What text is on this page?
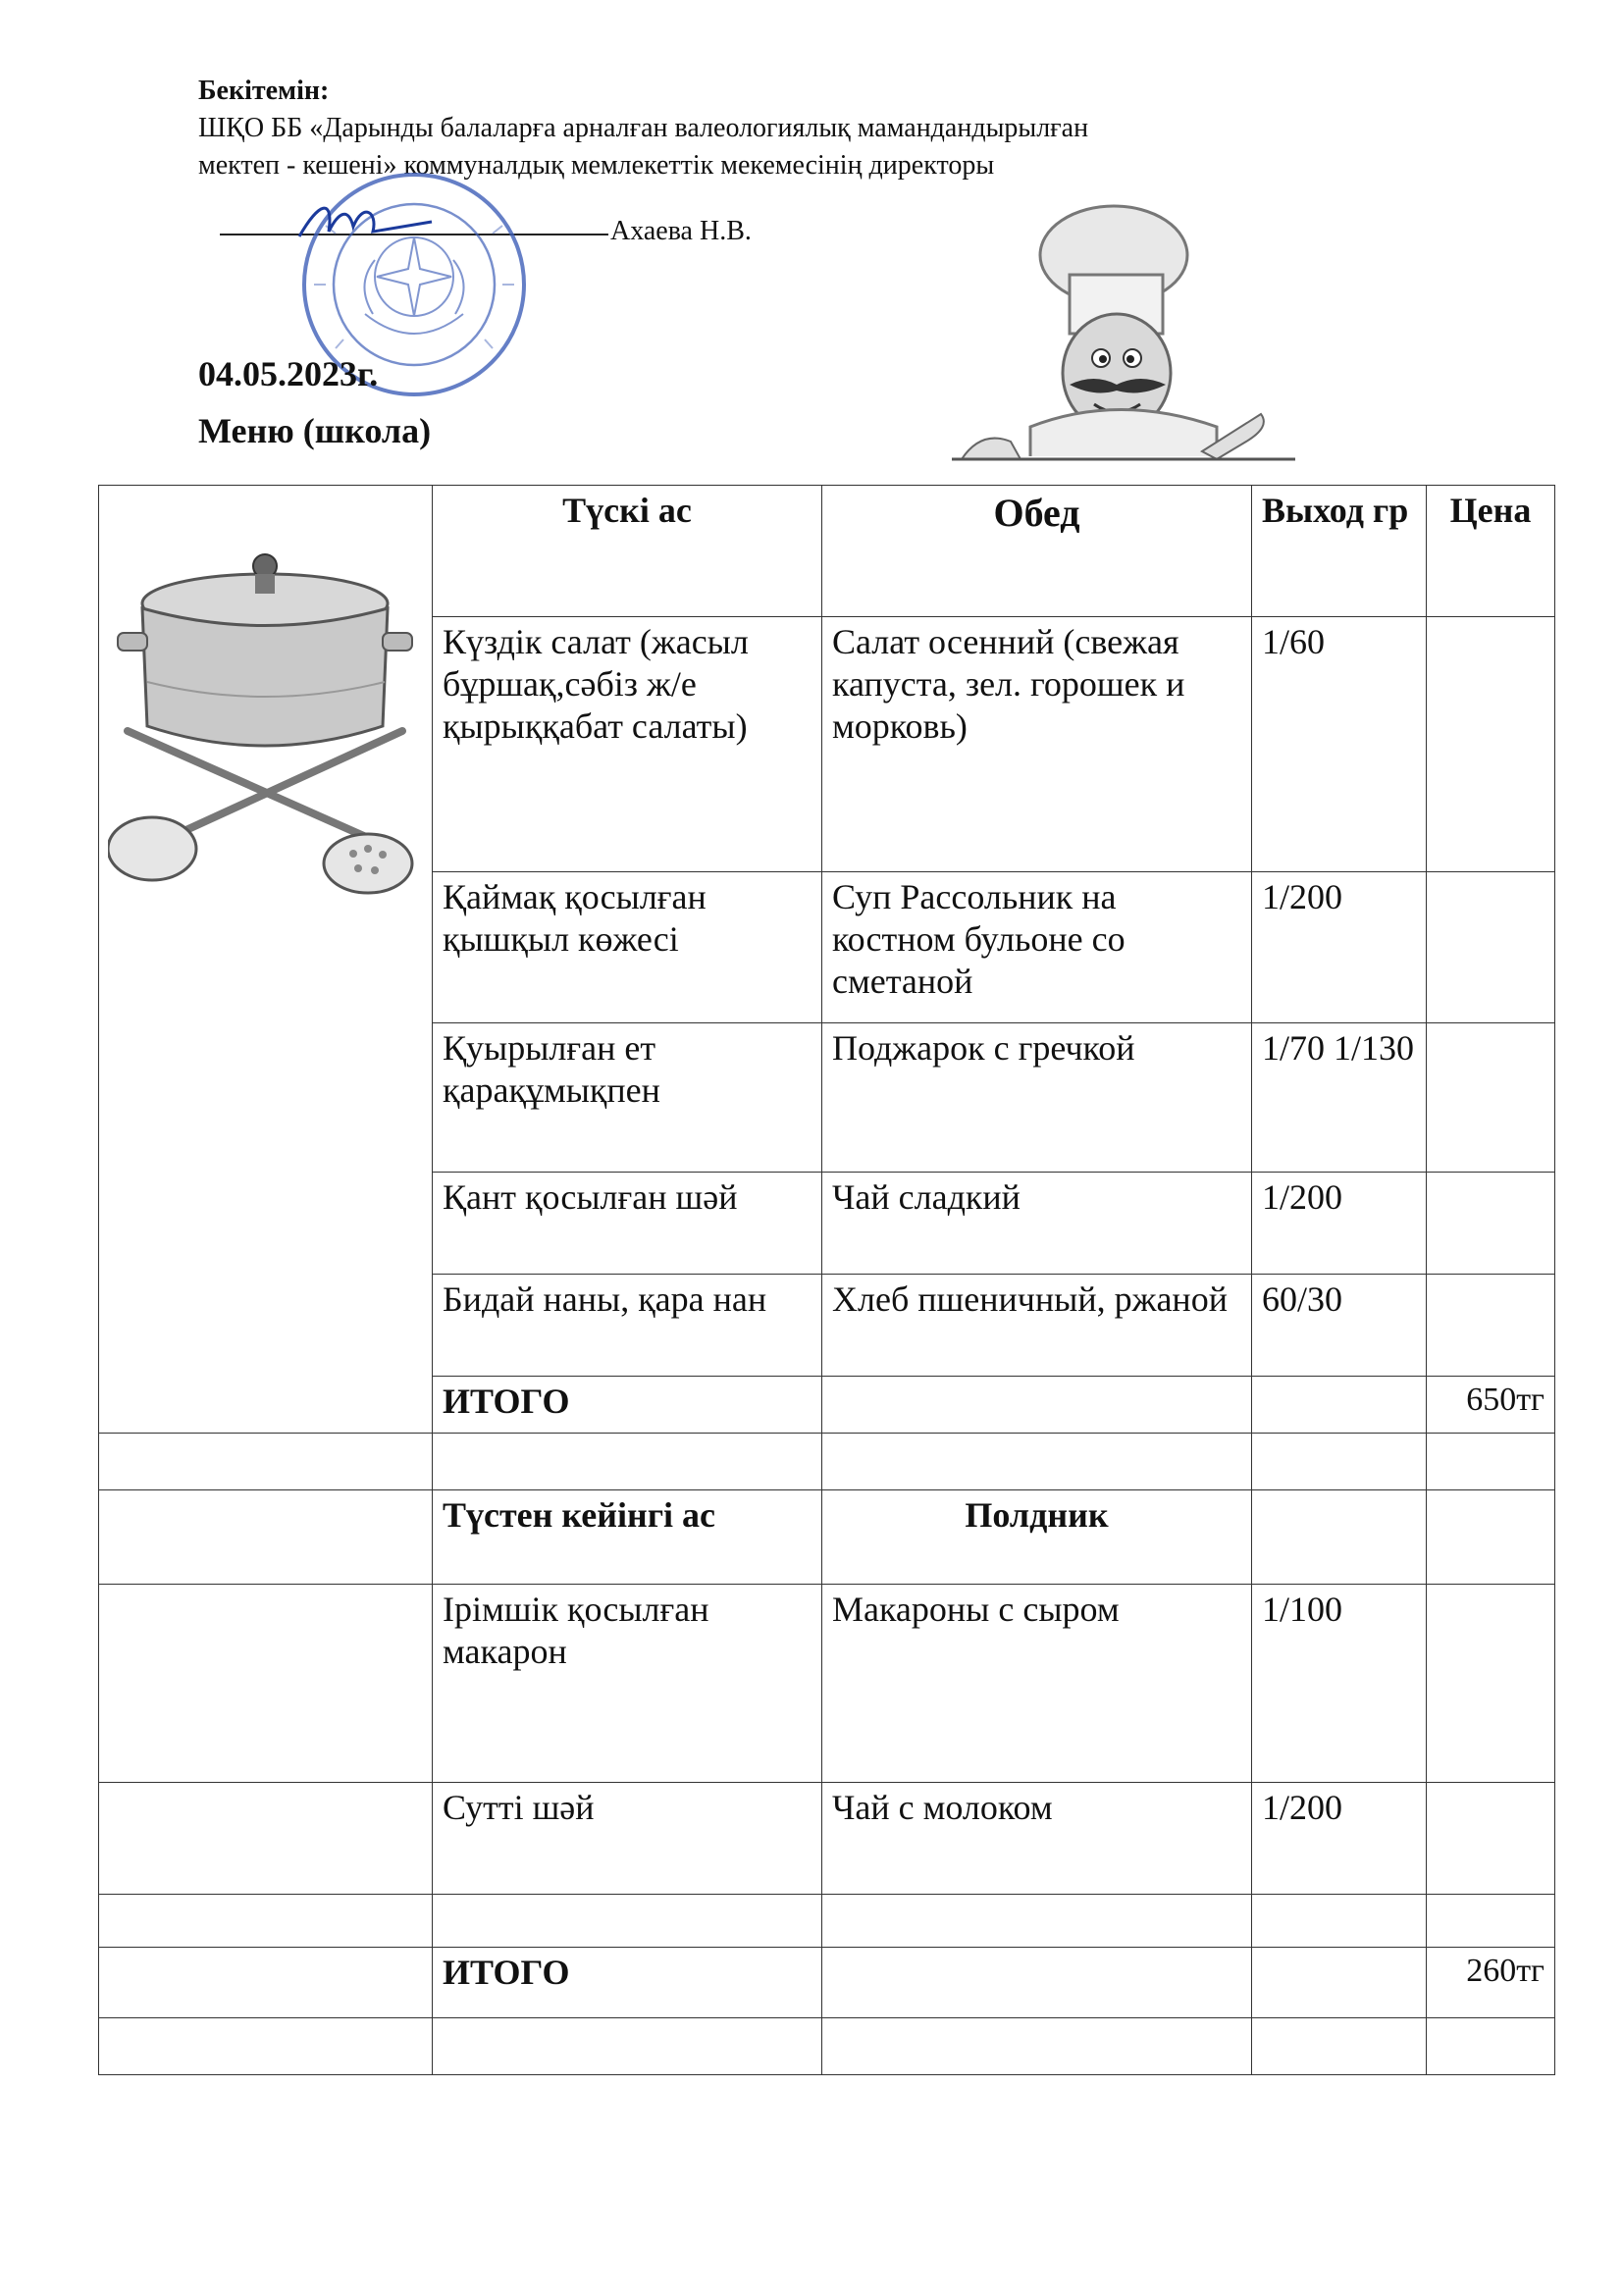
Бекітемін:
ШҚО ББ «Дарынды балаларға арналған валеологиялық мамандандырылған
мектеп - кешені» коммуналдық мемлекеттік мекемесінің директоры
Ахаева Н.В.
04.05.2023г.
Меню (школа)
	Түскі ас	Обед	Выход гр	Цена
	Күздік салат (жасыл бұршақ,сәбіз ж/е қырыққабат салаты)	Салат осенний (свежая капуста, зел. горошек и морковь)	1/60	
	Қаймақ қосылған қышқыл көжесі	Суп Рассольник на костном бульоне со сметаной	1/200	
	Қуырылған ет қарақұмықпен	Поджарок с гречкой	1/70 1/130	
	Қант қосылған шәй	Чай сладкий	1/200	
	Бидай наны, қара нан	Хлеб пшеничный, ржаной	60/30	
	ИТОГО			650тг

	Түстен кейінгі ас	Полдник		
	Ірімшік қосылған макарон	Макароны с сыром	1/100	
	Сутті шәй	Чай с молоком	1/200	

	ИТОГО			260тг
